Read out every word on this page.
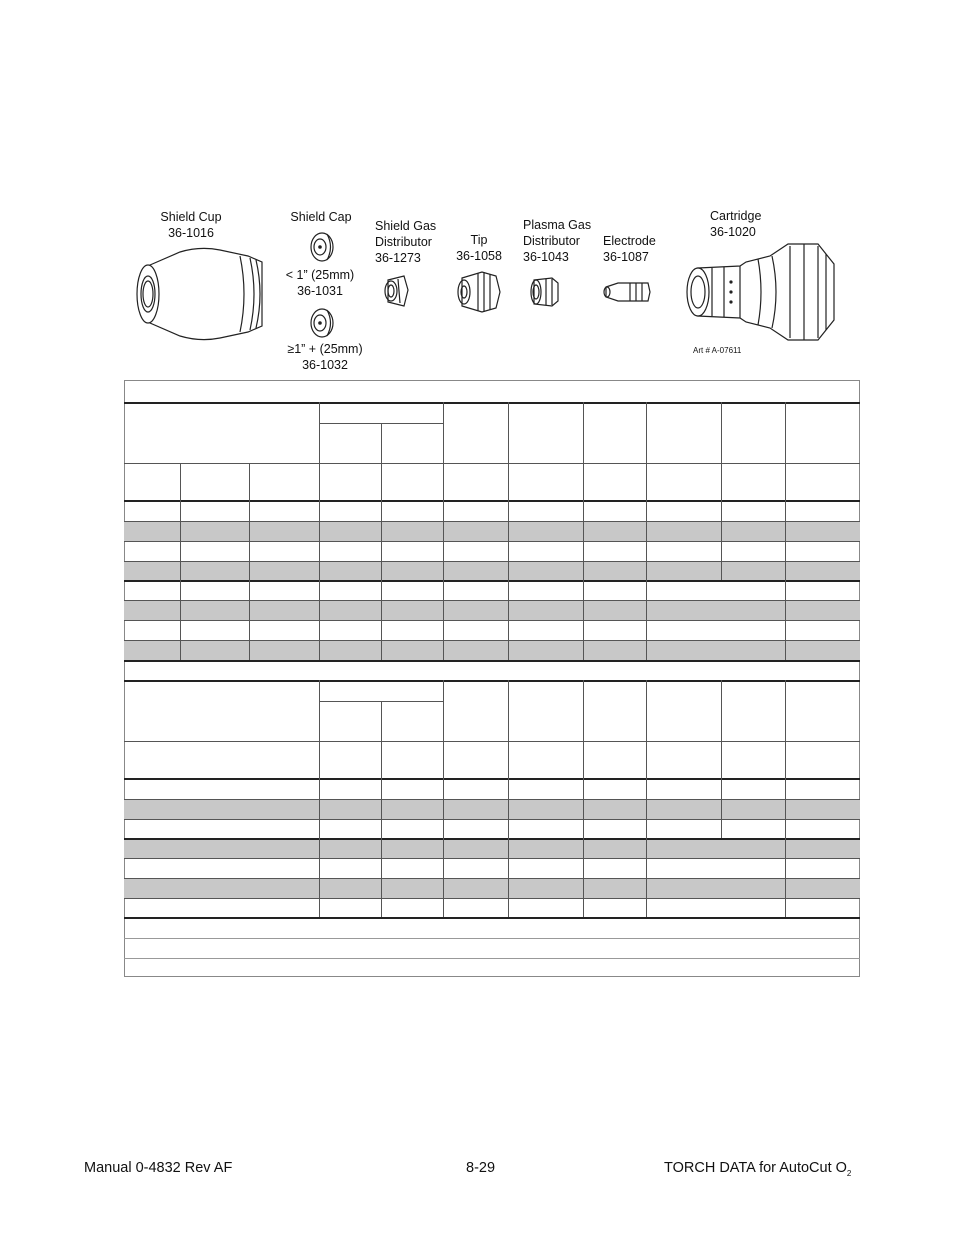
Shield Cup
36-1016
Shield Cap
< 1” (25mm)
36-1031
≥1” + (25mm)
36-1032
Shield Gas
Distributor
36-1273
Tip
36-1058
Plasma Gas
Distributor
36-1043
Electrode
36-1087
Cartridge
36-1020
Art # A-07611
Manual 0-4832 Rev AF	8-29	TORCH DATA for AutoCut $O_2$
